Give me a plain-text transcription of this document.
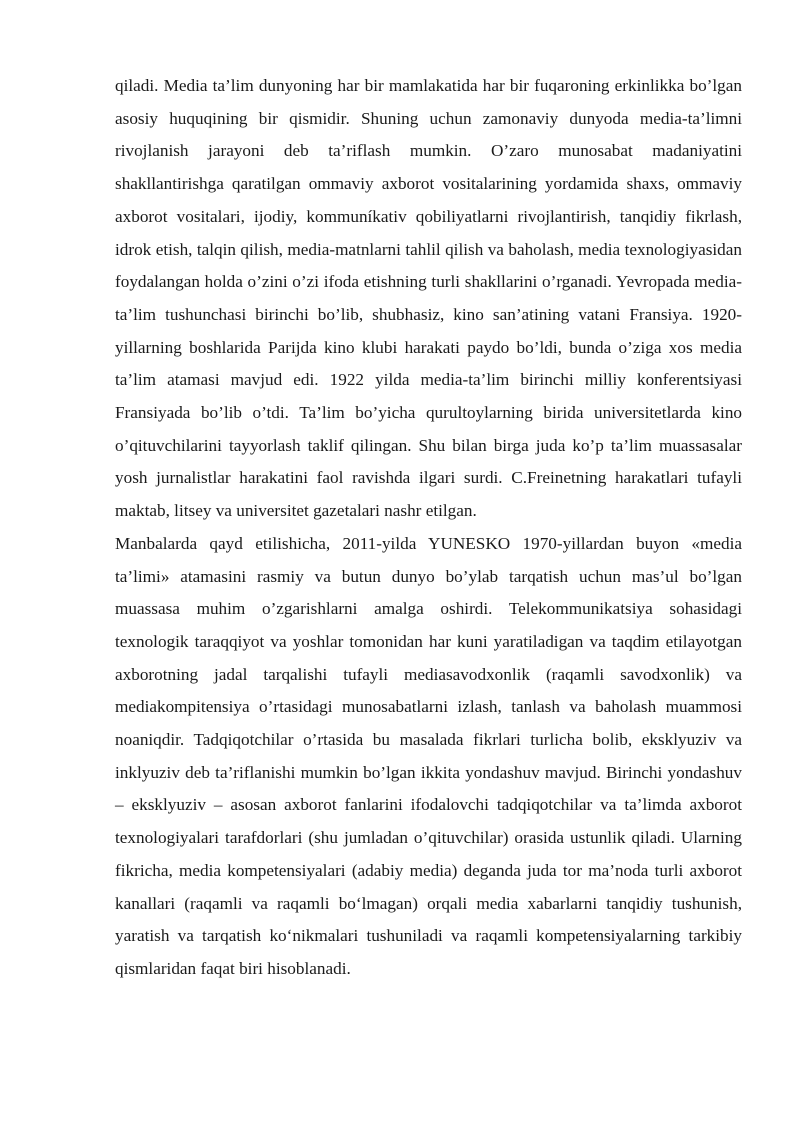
qiladi. Media ta’lim dunyoning har bir mamlakatida har bir fuqaroning erkinlikka bo’lgan asosiy huquqining bir qismidir. Shuning uchun zamonaviy dunyoda media-ta’limni rivojlanish jarayoni deb ta’riflash mumkin. O’zaro munosabat madaniyatini shakllantirishga qaratilgan ommaviy axborot vositalarining yordamida shaxs, ommaviy axborot vositalari, ijodiy, kommuníkativ qobiliyatlarni rivojlantirish, tanqidiy fikrlash, idrok etish, talqin qilish, media-matnlarni tahlil qilish va baholash, media texnologiyasidan foydalangan holda o’zini o’zi ifoda etishning turli shakllarini o’rganadi. Yevropada media-ta’lim tushunchasi birinchi bo’lib, shubhasiz, kino san’atining vatani Fransiya. 1920-yillarning boshlarida Parijda kino klubi harakati paydo bo’ldi, bunda o’ziga xos media ta’lim atamasi mavjud edi. 1922 yilda media-ta’lim birinchi milliy konferentsiyasi Fransiyada bo’lib o’tdi. Ta’lim bo’yicha qurultoylarning birida universitetlarda kino o’qituvchilarini tayyorlash taklif qilingan. Shu bilan birga juda ko’p ta’lim muassasalar yosh jurnalistlar harakatini faol ravishda ilgari surdi. C.Freinetning harakatlari tufayli maktab, litsey va universitet gazetalari nashr etilgan.

Manbalarda qayd etilishicha, 2011-yilda YUNESKO 1970-yillardan buyon «media ta’limi» atamasini rasmiy va butun dunyo bo’ylab tarqatish uchun mas’ul bo’lgan muassasa muhim o’zgarishlarni amalga oshirdi. Telekommunikatsiya sohasidagi texnologik taraqqiyot va yoshlar tomonidan har kuni yaratiladigan va taqdim etilayotgan axborotning jadal tarqalishi tufayli mediasavodxonlik (raqamli savodxonlik) va mediakompitensiya o’rtasidagi munosabatlarni izlash, tanlash va baholash muammosi noaniqdir. Tadqiqotchilar o’rtasida bu masalada fikrlari turlicha bolib, eksklyuziv va inklyuziv deb ta’riflanishi mumkin bo’lgan ikkita yondashuv mavjud. Birinchi yondashuv – eksklyuziv – asosan axborot fanlarini ifodalovchi tadqiqotchilar va ta’limda axborot texnologiyalari tarafdorlari (shu jumladan o’qituvchilar) orasida ustunlik qiladi. Ularning fikricha, media kompetensiyalari (adabiy media) deganda juda tor ma’noda turli axborot kanallari (raqamli va raqamli bo‘lmagan) orqali media xabarlarni tanqidiy tushunish, yaratish va tarqatish ko‘nikmalari tushuniladi va raqamli kompetensiyalarning tarkibiy qismlaridan faqat biri hisoblanadi.
